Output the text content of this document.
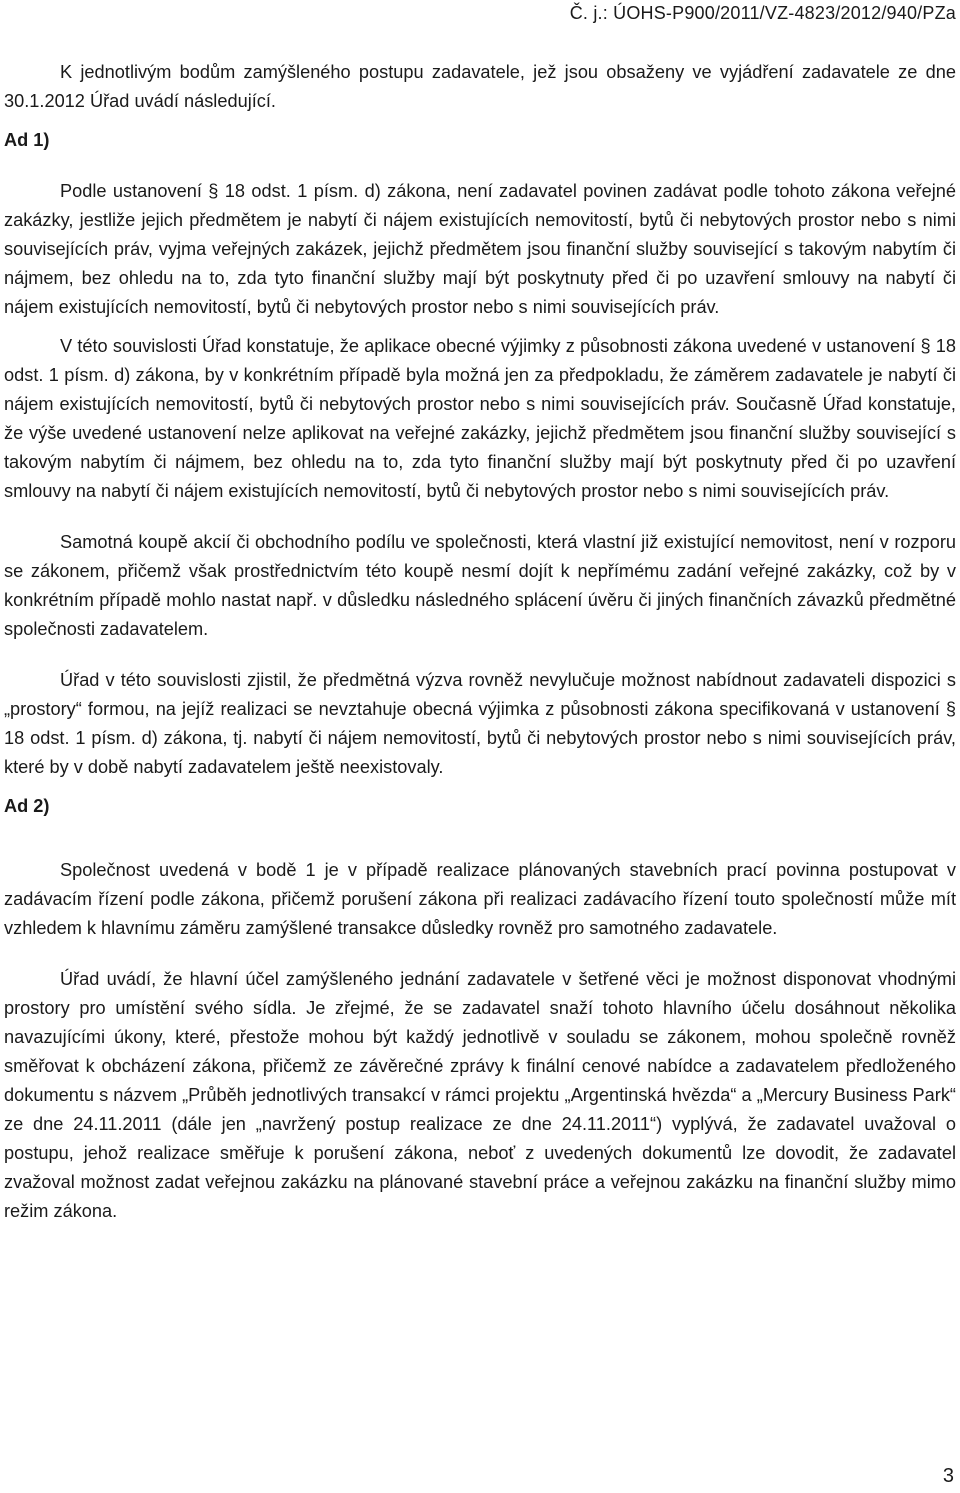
Č. j.: ÚOHS-P900/2011/VZ-4823/2012/940/PZa

K jednotlivým bodům zamýšleného postupu zadavatele, jež jsou obsaženy ve vyjádření zadavatele ze dne 30.1.2012 Úřad uvádí následující.

Ad 1)

Podle ustanovení § 18 odst. 1 písm. d) zákona, není zadavatel povinen zadávat podle tohoto zákona veřejné zakázky, jestliže jejich předmětem je nabytí či nájem existujících nemovitostí, bytů či nebytových prostor nebo s nimi souvisejících práv, vyjma veřejných zakázek, jejichž předmětem jsou finanční služby související s takovým nabytím či nájmem, bez ohledu na to, zda tyto finanční služby mají být poskytnuty před či po uzavření smlouvy na nabytí či nájem existujících nemovitostí, bytů či nebytových prostor nebo s nimi souvisejících práv.

V této souvislosti Úřad konstatuje, že aplikace obecné výjimky z působnosti zákona uvedené v ustanovení § 18 odst. 1 písm. d) zákona, by v konkrétním případě byla možná jen za předpokladu, že záměrem zadavatele je nabytí či nájem existujících nemovitostí, bytů či nebytových prostor nebo s nimi souvisejících práv. Současně Úřad konstatuje, že výše uvedené ustanovení nelze aplikovat na veřejné zakázky, jejichž předmětem jsou finanční služby související s takovým nabytím či nájmem, bez ohledu na to, zda tyto finanční služby mají být poskytnuty před či po uzavření smlouvy na nabytí či nájem existujících nemovitostí, bytů či nebytových prostor nebo s nimi souvisejících práv.

Samotná koupě akcií či obchodního podílu ve společnosti, která vlastní již existující nemovitost, není v rozporu se zákonem, přičemž však prostřednictvím této koupě nesmí dojít k nepřímému zadání veřejné zakázky, což by v konkrétním případě mohlo nastat např. v důsledku následného splácení úvěru či jiných finančních závazků předmětné společnosti zadavatelem.

Úřad v této souvislosti zjistil, že předmětná výzva rovněž nevylučuje možnost nabídnout zadavateli dispozici s „prostory“ formou, na jejíž realizaci se nevztahuje obecná výjimka z působnosti zákona specifikovaná v ustanovení § 18 odst. 1 písm. d) zákona, tj. nabytí či nájem nemovitostí, bytů či nebytových prostor nebo s nimi souvisejících práv, které by v době nabytí zadavatelem ještě neexistovaly.

Ad 2)

Společnost uvedená v bodě 1 je v případě realizace plánovaných stavebních prací povinna postupovat v zadávacím řízení podle zákona, přičemž porušení zákona při realizaci zadávacího řízení touto společností může mít vzhledem k hlavnímu záměru zamýšlené transakce důsledky rovněž pro samotného zadavatele.

Úřad uvádí, že hlavní účel zamýšleného jednání zadavatele v šetřené věci je možnost disponovat vhodnými prostory pro umístění svého sídla. Je zřejmé, že se zadavatel snaží tohoto hlavního účelu dosáhnout několika navazujícími úkony, které, přestože mohou být každý jednotlivě v souladu se zákonem, mohou společně rovněž směřovat k obcházení zákona, přičemž ze závěrečné zprávy k finální cenové nabídce a zadavatelem předloženého dokumentu s názvem „Průběh jednotlivých transakcí v rámci projektu „Argentinská hvězda“ a „Mercury Business Park“ ze dne 24.11.2011 (dále jen „navržený postup realizace ze dne 24.11.2011“) vyplývá, že zadavatel uvažoval o postupu, jehož realizace směřuje k porušení zákona, neboť z uvedených dokumentů lze dovodit, že zadavatel zvažoval možnost zadat veřejnou zakázku na plánované stavební práce a veřejnou zakázku na finanční služby mimo režim zákona.

3
